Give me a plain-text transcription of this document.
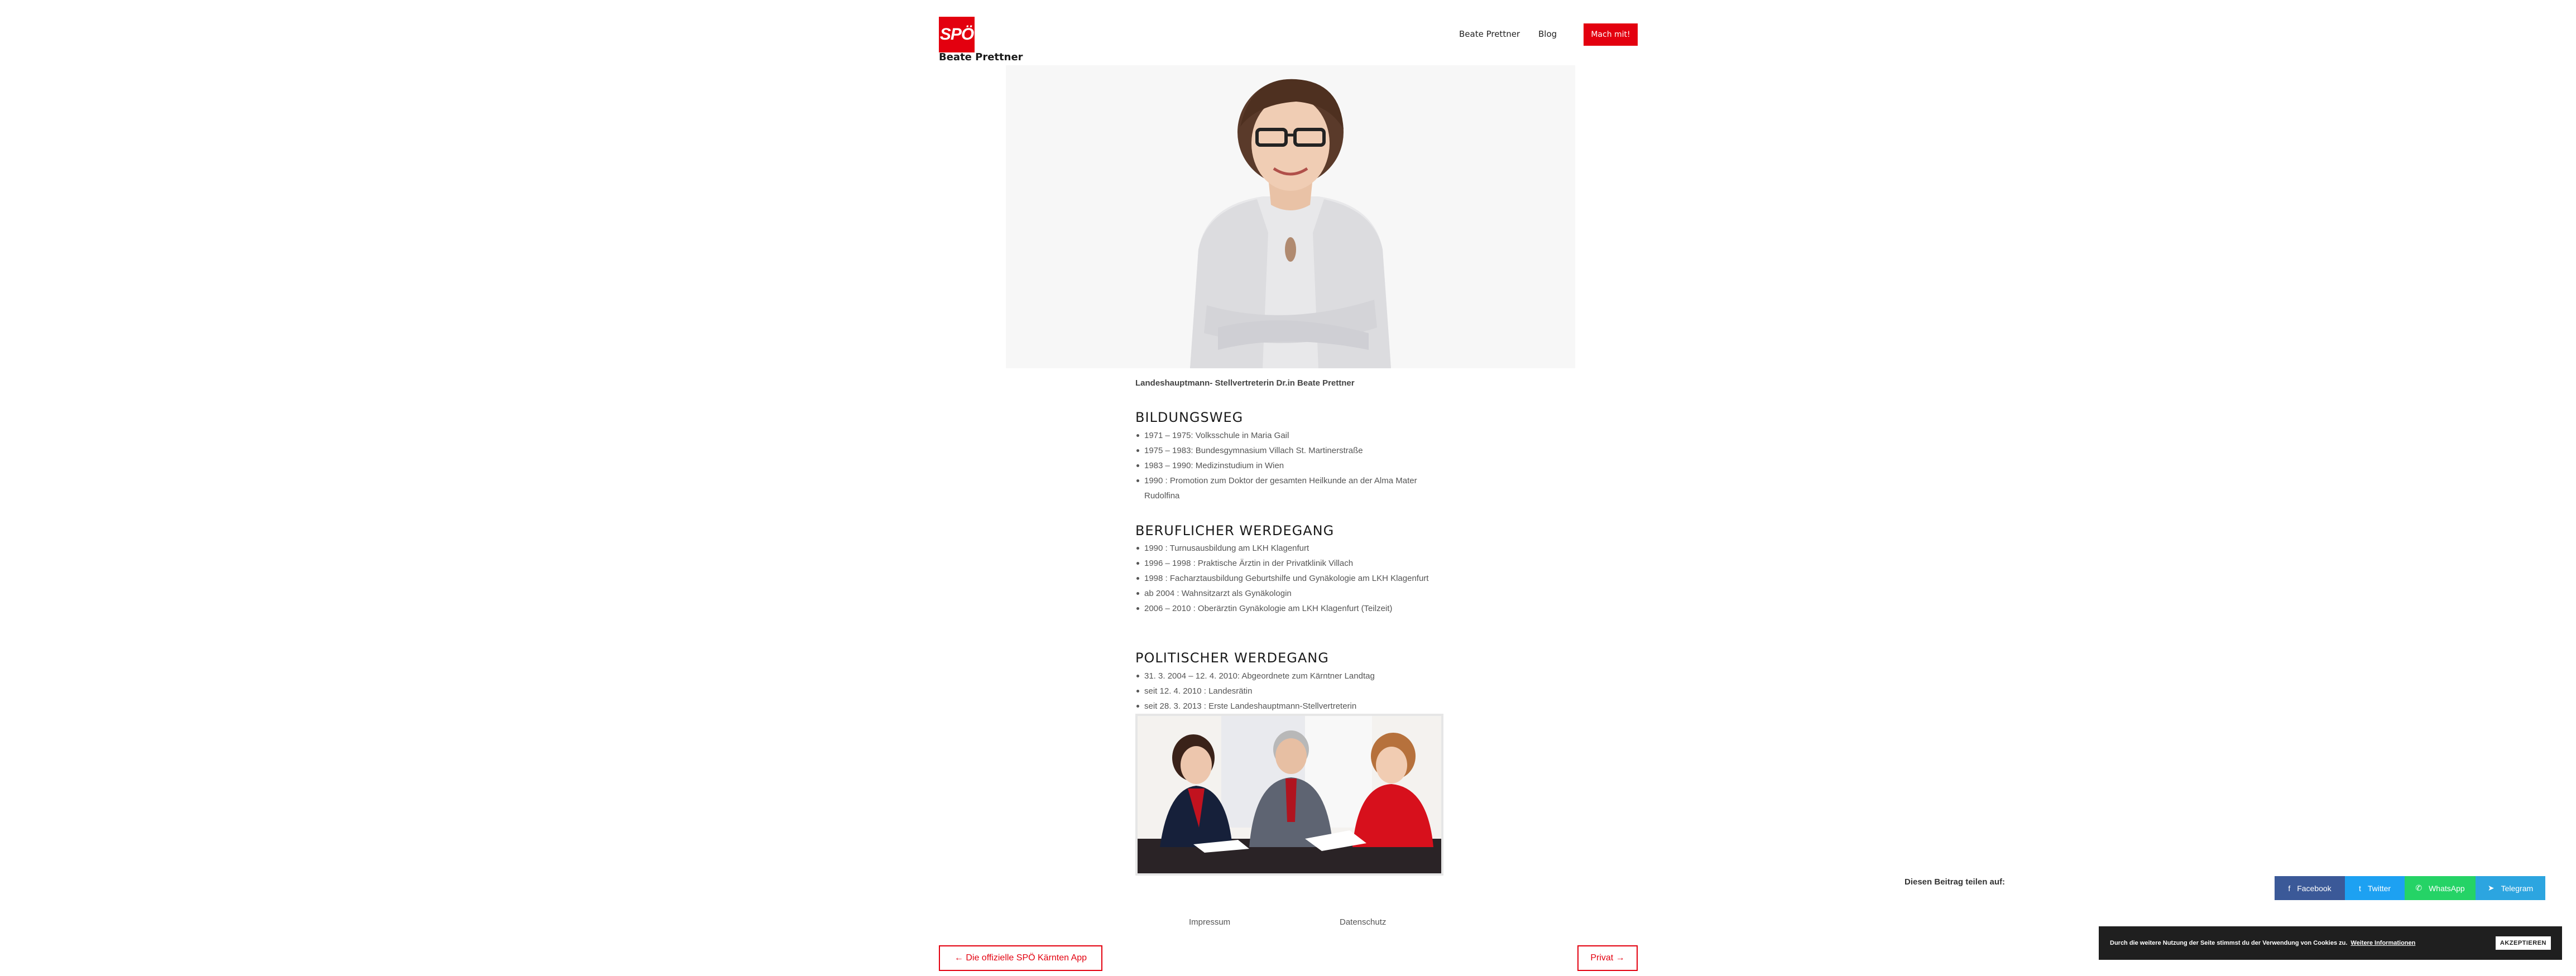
SPÖ
Beate Prettner
Beate Prettner Blog	Mach mit!
Landeshauptmann- Stellvertreterin Dr.in Beate Prettner
BILDUNGSWEG
1971 – 1975: Volksschule in Maria Gail
1975 – 1983: Bundesgymnasium Villach St. Martinerstraße
1983 – 1990: Medizinstudium in Wien
1990 : Promotion zum Doktor der gesamten Heilkunde an der Alma Mater Rudolfina
BERUFLICHER WERDEGANG
1990 : Turnusausbildung am LKH Klagenfurt
1996 – 1998 : Praktische Ärztin in der Privatklinik Villach
1998 : Facharztausbildung Geburtshilfe und Gynäkologie am LKH Klagenfurt
ab 2004 : Wahnsitzarzt als Gynäkologin
2006 – 2010 : Oberärztin Gynäkologie am LKH Klagenfurt (Teilzeit)
POLITISCHER WERDEGANG
31. 3. 2004 – 12. 4. 2010: Abgeordnete zum Kärntner Landtag
seit 12. 4. 2010 : Landesrätin
seit 28. 3. 2013 : Erste Landeshauptmann-Stellvertreterin
Diesen Beitrag teilen auf:
f Facebook	t Twitter	✆ WhatsApp	➤ Telegram
Impressum	Datenschutz
← Die offizielle SPÖ Kärnten App	Privat →
Durch die weitere Nutzung der Seite stimmst du der Verwendung von Cookies zu. Weitere Informationen	AKZEPTIEREN
